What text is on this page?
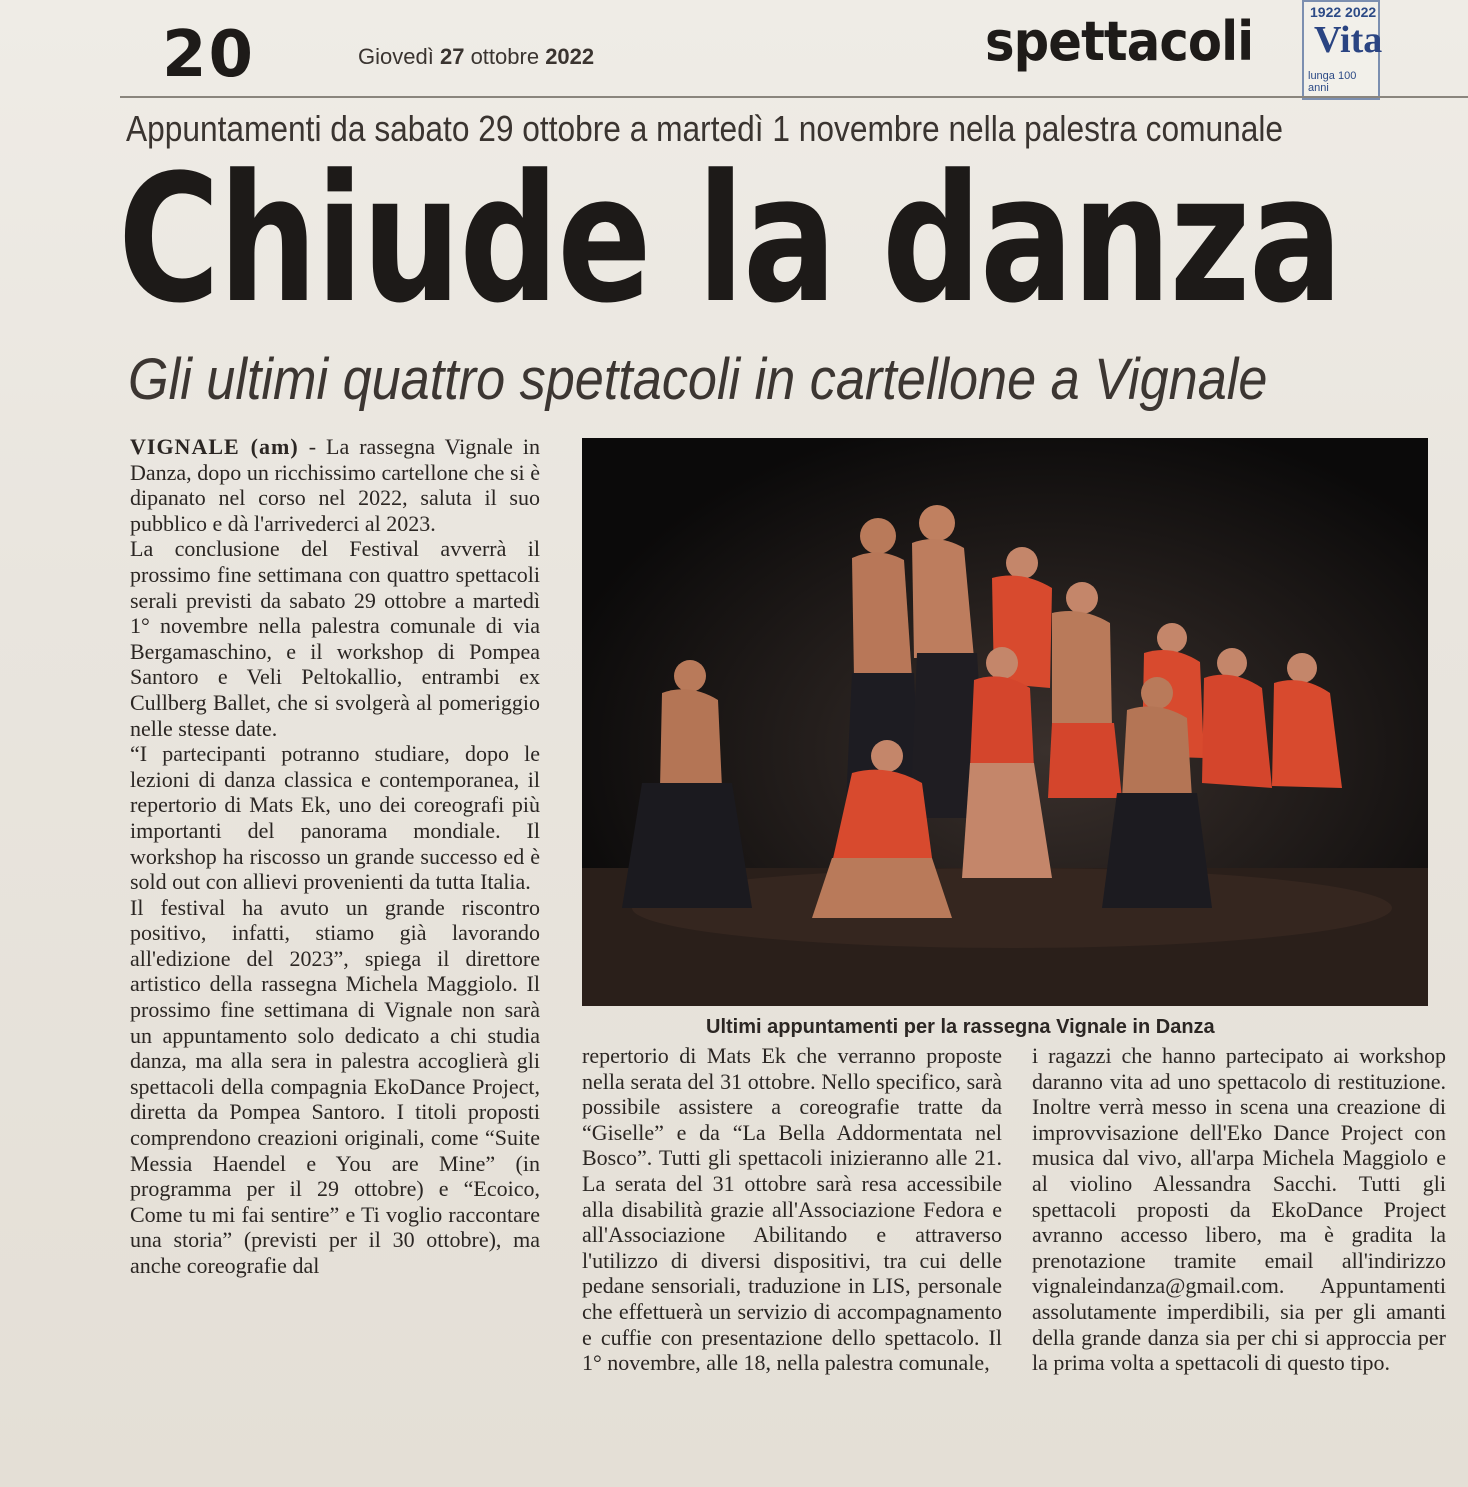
20	Giovedì 27 ottobre 2022	spettacoli	1922 2022
Vita
lunga 100 anni
Appuntamenti da sabato 29 ottobre a martedì 1 novembre nella palestra comunale
Chiude la danza
Gli ultimi quattro spettacoli in cartellone a Vignale

VIGNALE (am) - La rassegna Vignale in Danza, dopo un ricchissimo cartellone che si è dipanato nel corso nel 2022, saluta il suo pubblico e dà l'arrivederci al 2023.

La conclusione del Festival avverrà il prossimo fine settimana con quattro spettacoli serali previsti da sabato 29 ottobre a martedì 1° novembre nella palestra comunale di via Bergamaschino, e il workshop di Pompea Santoro e Veli Peltokallio, entrambi ex Cullberg Ballet, che si svolgerà al pomeriggio nelle stesse date.

“I partecipanti potranno studiare, dopo le lezioni di danza classica e contemporanea, il repertorio di Mats Ek, uno dei coreografi più importanti del panorama mondiale. Il workshop ha riscosso un grande successo ed è sold out con allievi provenienti da tutta Italia.

Il festival ha avuto un grande riscontro positivo, infatti, stiamo già lavorando all'edizione del 2023”, spiega il direttore artistico della rassegna Michela Maggiolo. Il prossimo fine settimana di Vignale non sarà un appuntamento solo dedicato a chi studia danza, ma alla sera in palestra accoglierà gli spettacoli della compagnia EkoDance Project, diretta da Pompea Santoro. I titoli proposti comprendono creazioni originali, come “Suite Messia Haendel e You are Mine” (in programma per il 29 ottobre) e “Ecoico, Come tu mi fai sentire” e Ti voglio raccontare una storia” (previsti per il 30 ottobre), ma anche coreografie dal

Ultimi appuntamenti per la rassegna Vignale in Danza

repertorio di Mats Ek che verranno proposte nella serata del 31 ottobre. Nello specifico, sarà possibile assistere a coreografie tratte da “Giselle” e da “La Bella Addormentata nel Bosco”. Tutti gli spettacoli inizieranno alle 21. La serata del 31 ottobre sarà resa accessibile alla disabilità grazie all'Associazione Fedora e all'Associazione Abilitando e attraverso l'utilizzo di diversi dispositivi, tra cui delle pedane sensoriali, traduzione in LIS, personale che effettuerà un servizio di accompagnamento e cuffie con presentazione dello spettacolo. Il 1° novembre, alle 18, nella palestra comunale,

i ragazzi che hanno partecipato ai workshop daranno vita ad uno spettacolo di restituzione. Inoltre verrà messo in scena una creazione di improvvisazione dell'Eko Dance Project con musica dal vivo, all'arpa Michela Maggiolo e al violino Alessandra Sacchi. Tutti gli spettacoli proposti da EkoDance Project avranno accesso libero, ma è gradita la prenotazione tramite email all'indirizzo vignaleindanza@gmail.com. Appuntamenti assolutamente imperdibili, sia per gli amanti della grande danza sia per chi si approccia per la prima volta a spettacoli di questo tipo.
